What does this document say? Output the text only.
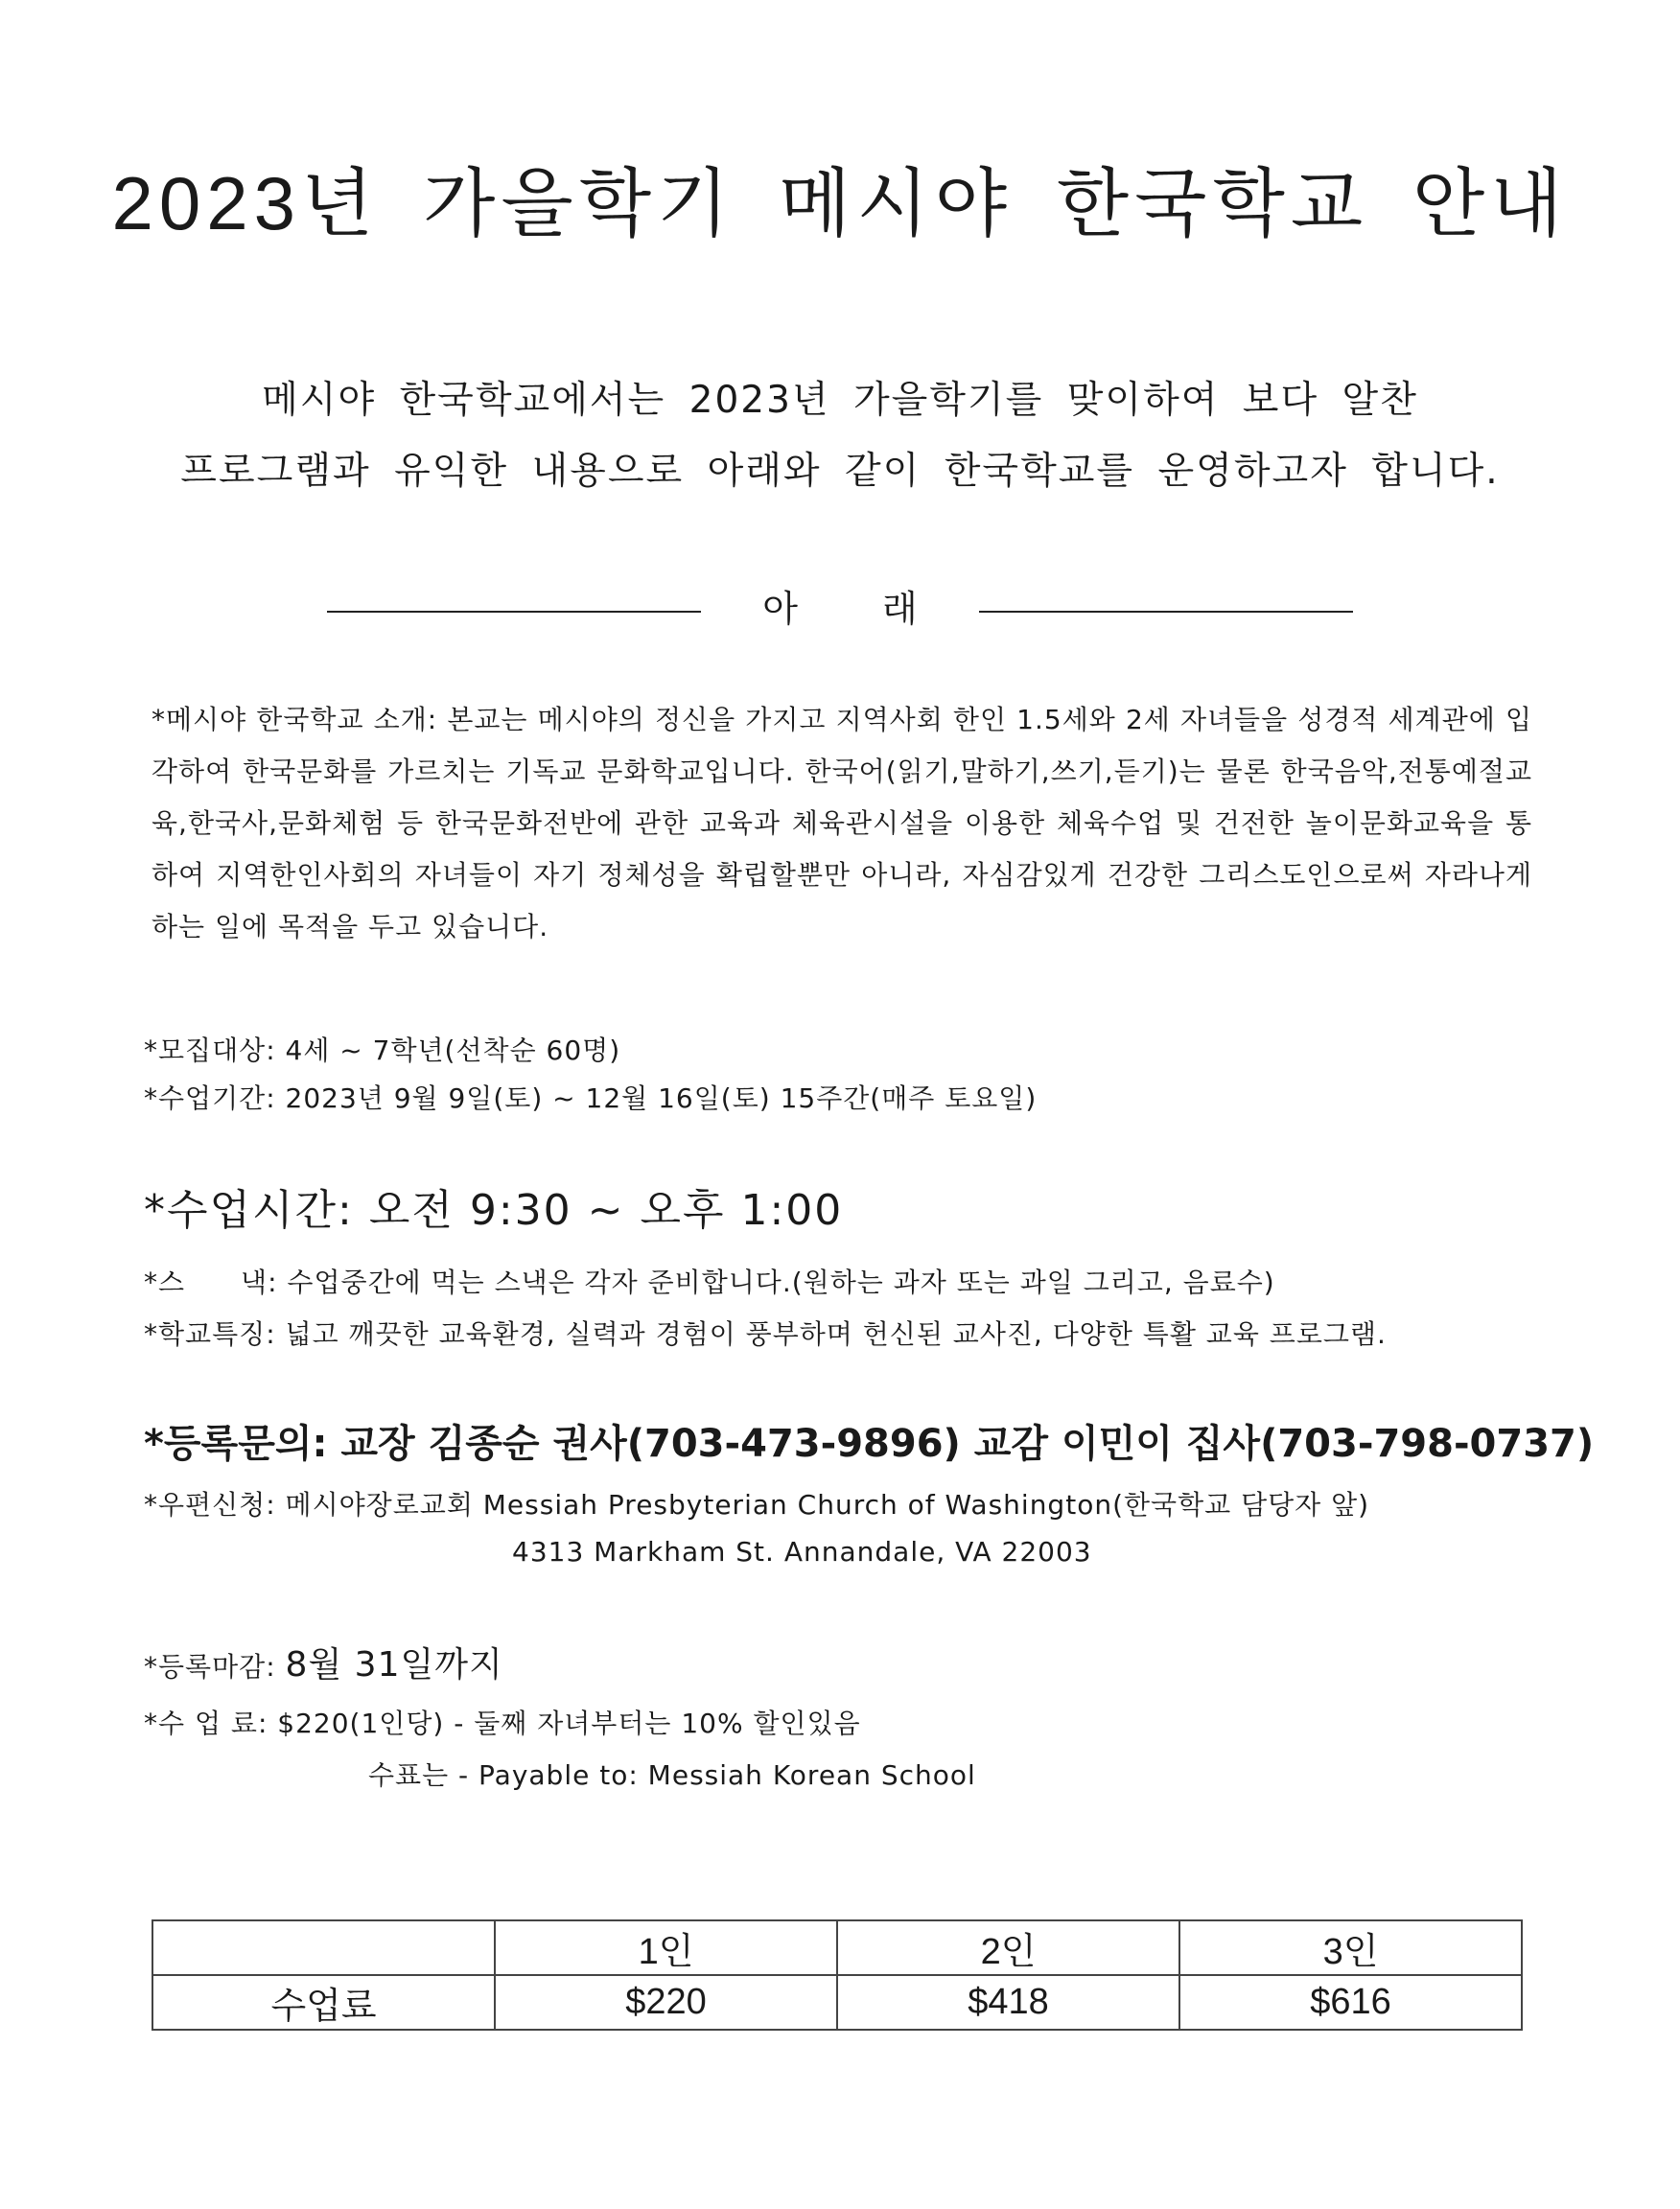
2023년 가을학기 메시야 한국학교 안내
메시야 한국학교에서는 2023년 가을학기를 맞이하여 보다 알찬
프로그램과 유익한 내용으로 아래와 같이 한국학교를 운영하고자 합니다.
아 래
*메시야 한국학교 소개: 본교는 메시야의 정신을 가지고 지역사회 한인 1.5세와 2세 자녀들을 성경적 세계관에 입각하여 한국문화를 가르치는 기독교 문화학교입니다. 한국어(읽기,말하기,쓰기,듣기)는 물론 한국음악,전통예절교육,한국사,문화체험 등 한국문화전반에 관한 교육과 체육관시설을 이용한 체육수업 및 건전한 놀이문화교육을 통하여 지역한인사회의 자녀들이 자기 정체성을 확립할뿐만 아니라, 자심감있게 건강한 그리스도인으로써 자라나게 하는 일에 목적을 두고 있습니다.
*모집대상: 4세 ~ 7학년(선착순 60명)
*수업기간: 2023년 9월 9일(토) ~ 12월 16일(토) 15주간(매주 토요일)
*수업시간: 오전 9:30 ~ 오후 1:00
*스　　낵: 수업중간에 먹는 스낵은 각자 준비합니다.(원하는 과자 또는 과일 그리고, 음료수)
*학교특징: 넓고 깨끗한 교육환경, 실력과 경험이 풍부하며 헌신된 교사진, 다양한 특활 교육 프로그램.
*등록문의: 교장 김종순 권사(703-473-9896) 교감 이민이 집사(703-798-0737)
*우편신청: 메시야장로교회 Messiah Presbyterian Church of Washington(한국학교 담당자 앞)
4313 Markham St. Annandale, VA 22003
*등록마감: 8월 31일까지
*수 업 료: $220(1인당) - 둘째 자녀부터는 10% 할인있음
수표는 - Payable to: Messiah Korean School
	1인	2인	3인
수업료	$220	$418	$616
